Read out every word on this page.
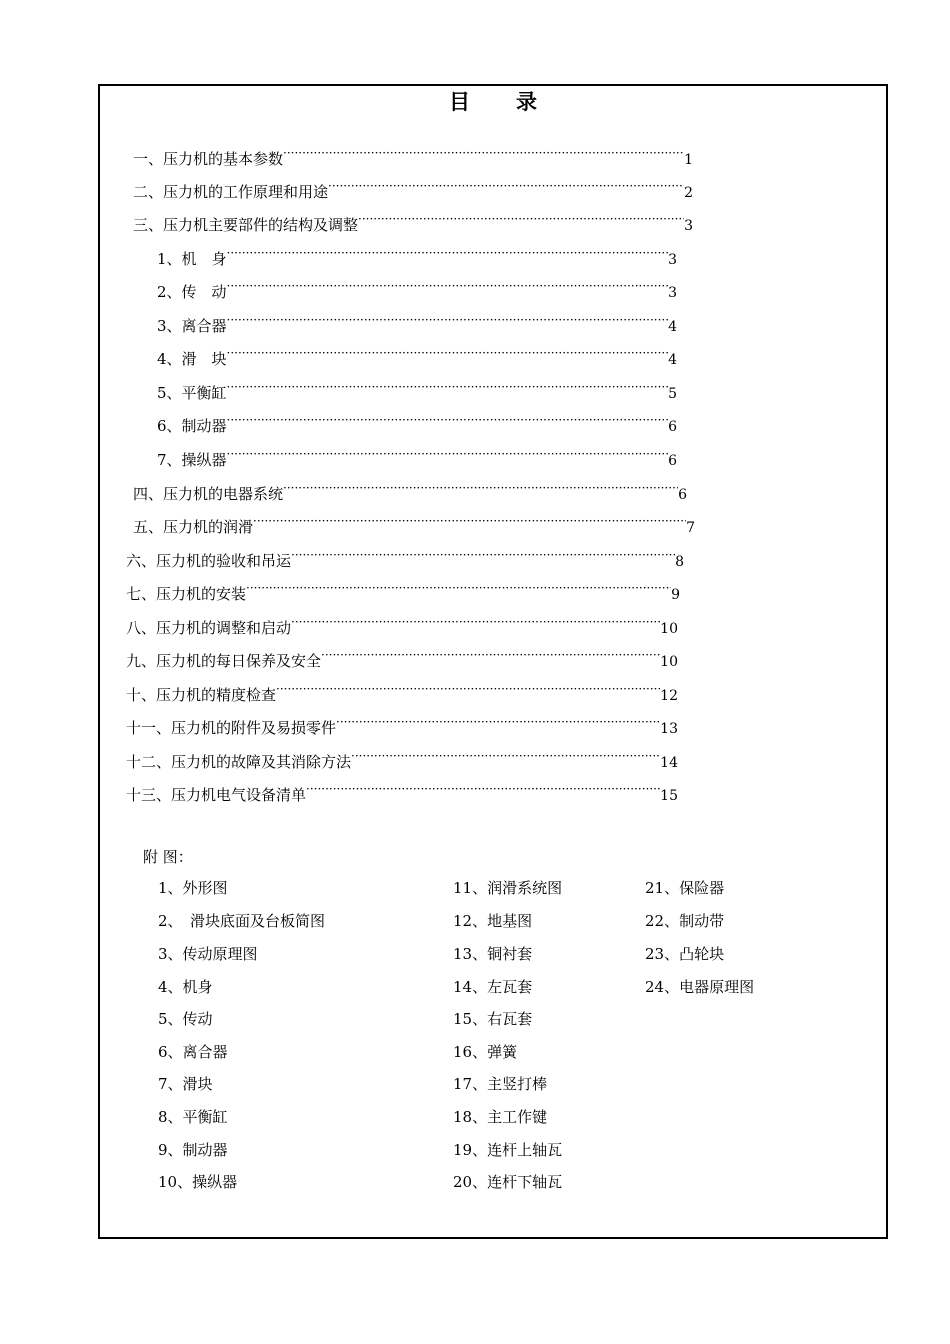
目 录
一、压力机的基本参数 ·····	1
二、压力机的工作原理和用途 ·····	2
三、压力机主要部件的结构及调整 ·····	3
1、机　身 ·····	3
2、传　动 ·····	3
3、离合器 ·····	4
4、滑　块 ·····	4
5、平衡缸 ·····	5
6、制动器 ·····	6
7、操纵器 ·····	6
四、压力机的电器系统 ·····	6
五、压力机的润滑 ·····	7
六、压力机的验收和吊运 ·····	8
七、压力机的安装 ·····	9
八、压力机的调整和启动 ·····	10
九、压力机的每日保养及安全 ·····	10
十、压力机的精度检查 ·····	12
十一、压力机的附件及易损零件 ·····	13
十二、压力机的故障及其消除方法 ·····	14
十三、压力机电气设备清单 ·····	15
附 图：
1、外形图
2、　滑块底面及台板简图
3、传动原理图
4、机身
5、传动
6、离合器
7、滑块
8、平衡缸
9、制动器
10、操纵器
11、润滑系统图
12、地基图
13、铜衬套
14、左瓦套
15、右瓦套
16、弹簧
17、主竖打棒
18、主工作键
19、连杆上轴瓦
20、连杆下轴瓦
21、保险器
22、制动带
23、凸轮块
24、电器原理图
